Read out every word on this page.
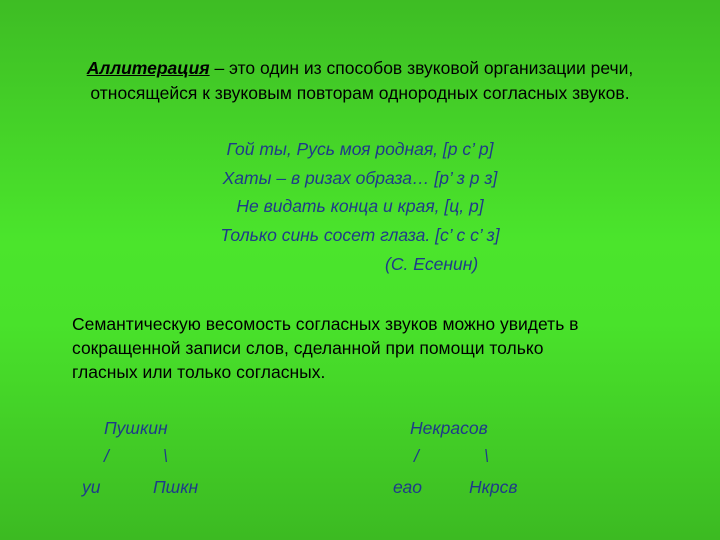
Аллитерация – это один из способов звуковой организации речи,
относящейся к звуковым повторам однородных согласных звуков.
Гой ты, Русь моя родная, [р с’ р]
Хаты – в ризах образа… [р’ з р з]
Не видать конца и края, [ц, р]
Только синь сосет глаза. [с’ с с’ з]
(С. Есенин)
Семантическую весомость согласных звуков можно увидеть в
сокращенной записи слов, сделанной при помощи только
гласных или только согласных.
Пушкин
/	\
уи	Пшкн
Некрасов
/	\
еао	Нкрсв
